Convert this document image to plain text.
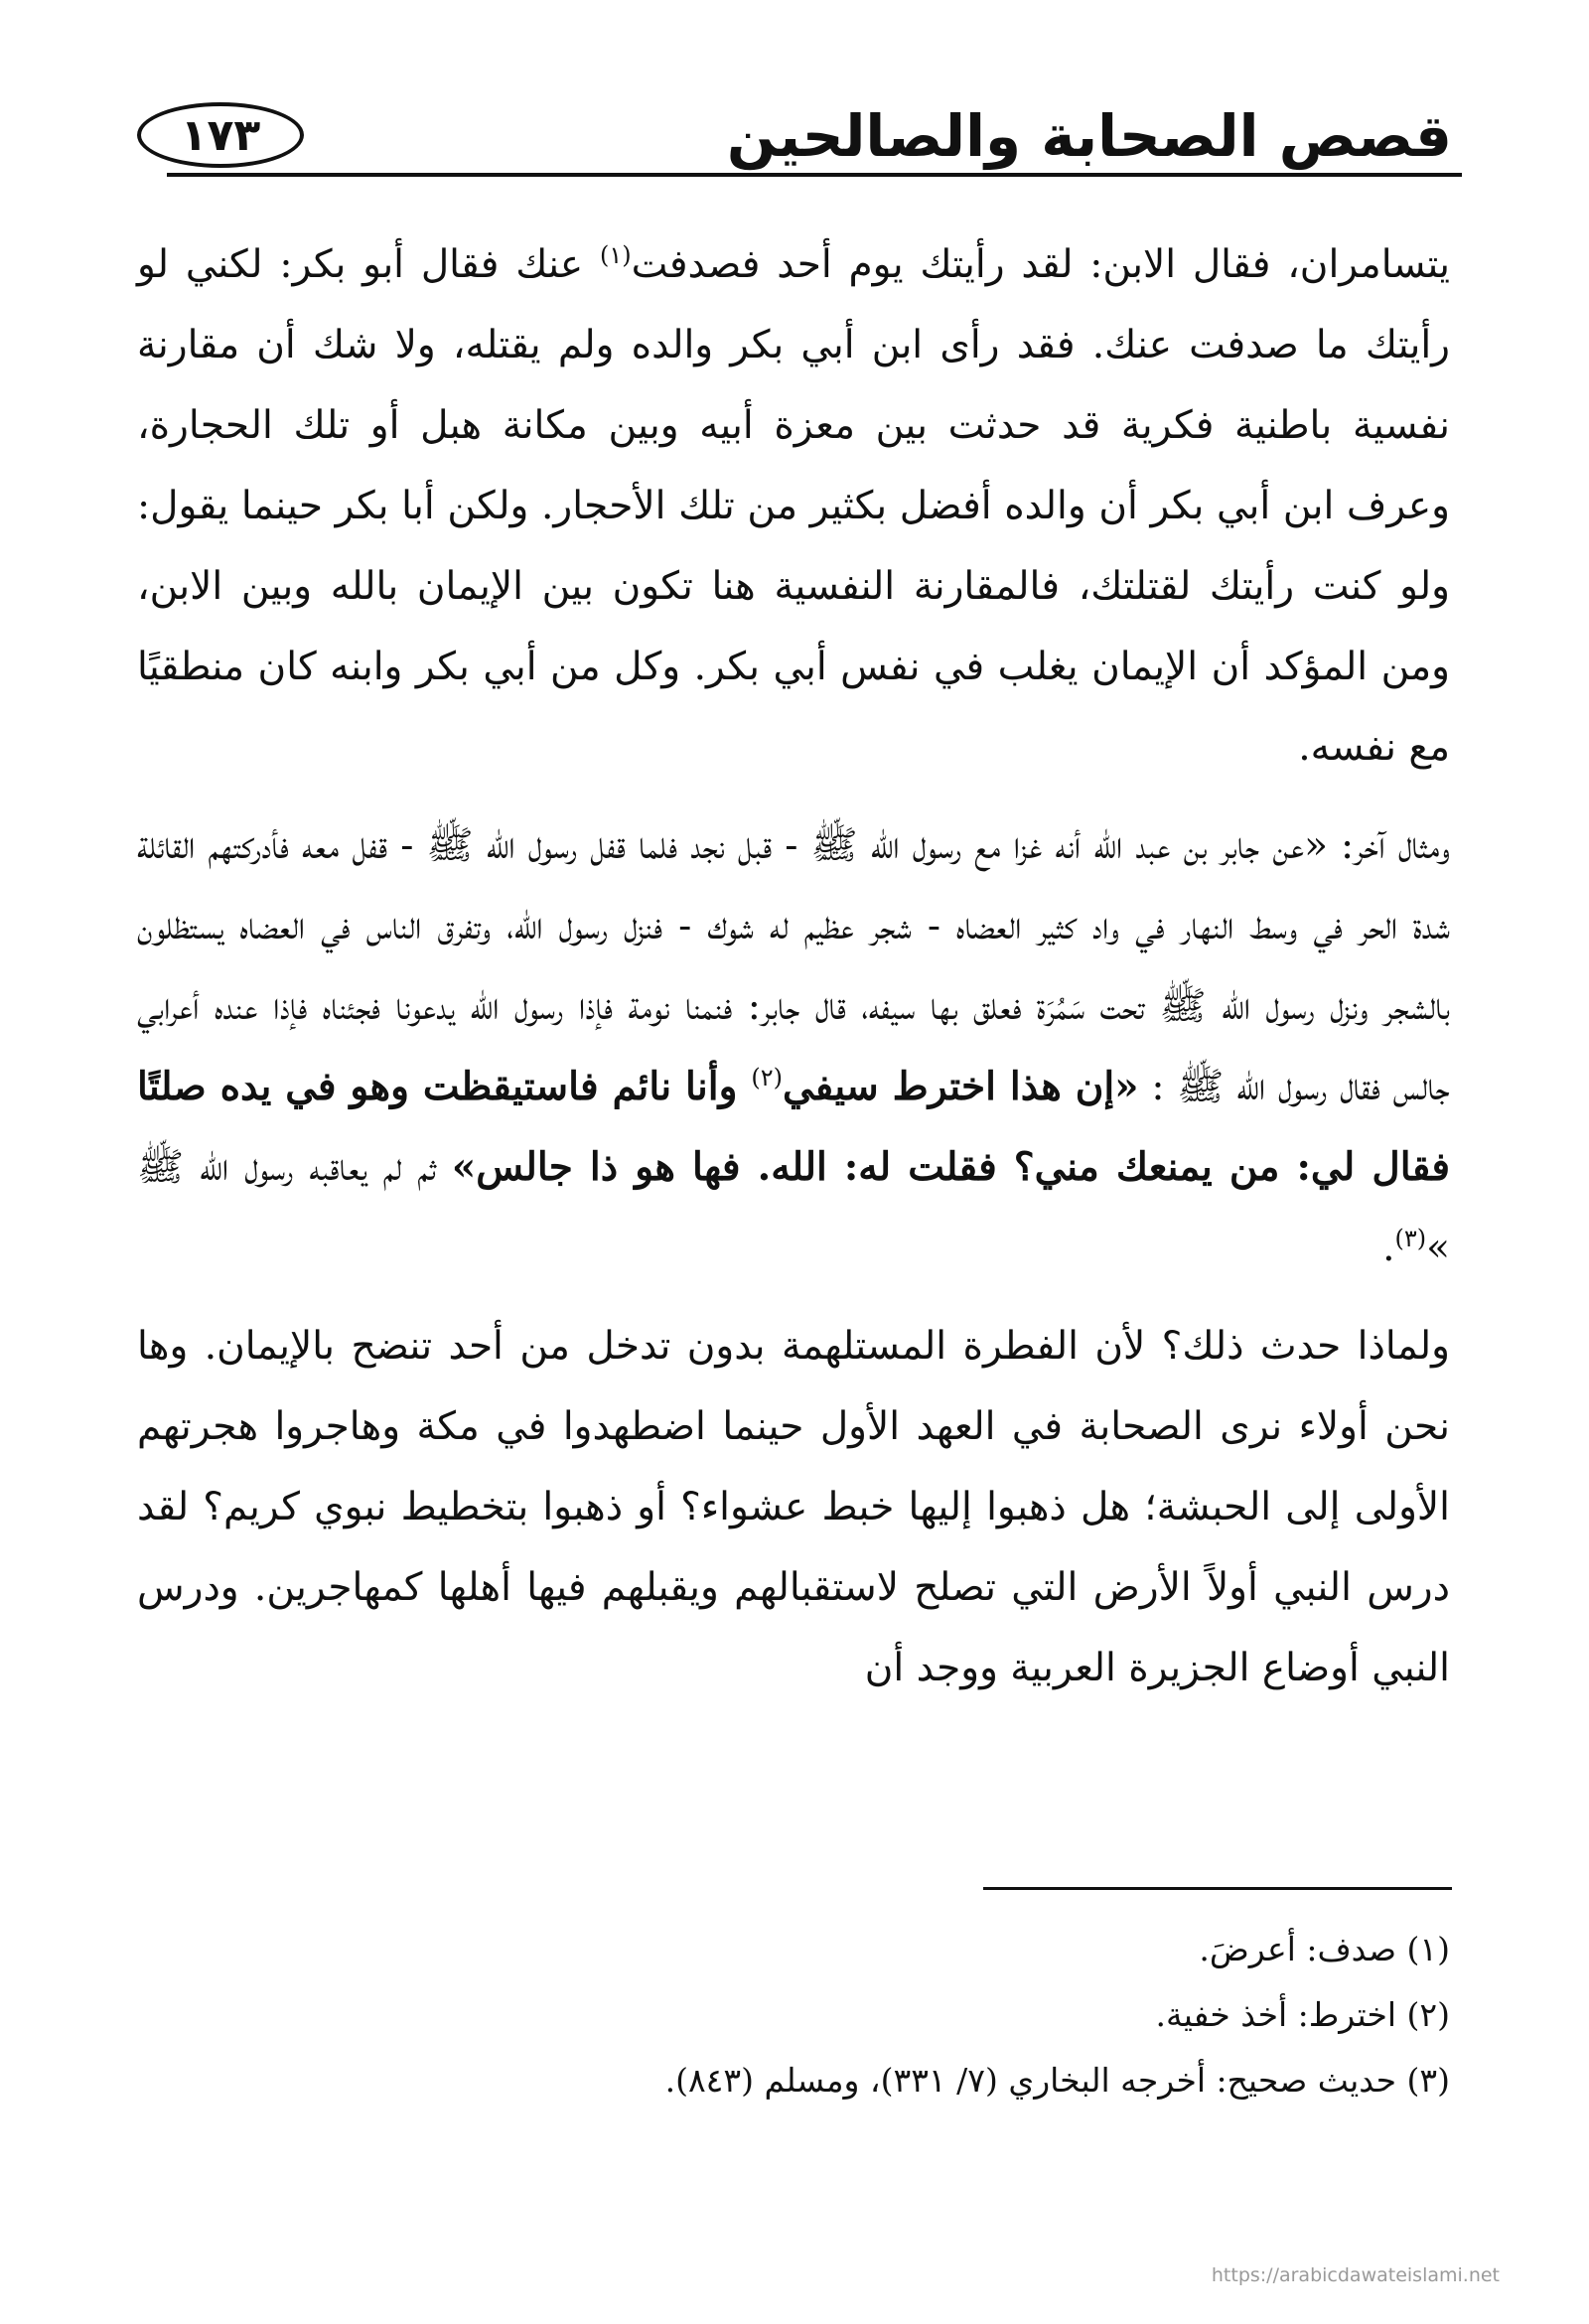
قصص الصحابة والصالحين
١٧٣

يتسامران، فقال الابن: لقد رأيتك يوم أحد فصدفت$^{(١)}$ عنك فقال أبو بكر: لكني لو رأيتك ما صدفت عنك. فقد رأى ابن أبي بكر والده ولم يقتله، ولا شك أن مقارنة نفسية باطنية فكرية قد حدثت بين معزة أبيه وبين مكانة هبل أو تلك الحجارة، وعرف ابن أبي بكر أن والده أفضل بكثير من تلك الأحجار. ولكن أبا بكر حينما يقول: ولو كنت رأيتك لقتلتك، فالمقارنة النفسية هنا تكون بين الإيمان بالله وبين الابن، ومن المؤكد أن الإيمان يغلب في نفس أبي بكر. وكل من أبي بكر وابنه كان منطقيًا مع نفسه.

ومثال آخر: «عن جابر بن عبد الله أنه غزا مع رسول الله ﷺ - قبل نجد فلما قفل رسول الله ﷺ - قفل معه فأدركتهم القائلة شدة الحر في وسط النهار في واد كثير العضاه - شجر عظيم له شوك - فنزل رسول الله، وتفرق الناس في العضاه يستظلون بالشجر ونزل رسول الله ﷺ تحت سَمُرَة فعلق بها سيفه، قال جابر: فنمنا نومة فإذا رسول الله يدعونا فجئناه فإذا عنده أعرابي جالس فقال رسول الله ﷺ : «إن هذا اخترط سيفي$^{(٢)}$ وأنا نائم فاستيقظت وهو في يده صلتًا فقال لي: من يمنعك مني؟ فقلت له: الله. فها هو ذا جالس» ثم لم يعاقبه رسول الله ﷺ »$^{(٣)}$.

ولماذا حدث ذلك؟ لأن الفطرة المستلهمة بدون تدخل من أحد تنضح بالإيمان. وها نحن أولاء نرى الصحابة في العهد الأول حينما اضطهدوا في مكة وهاجروا هجرتهم الأولى إلى الحبشة؛ هل ذهبوا إليها خبط عشواء؟ أو ذهبوا بتخطيط نبوي كريم؟ لقد درس النبي أولاً الأرض التي تصلح لاستقبالهم ويقبلهم فيها أهلها كمهاجرين. ودرس النبي أوضاع الجزيرة العربية ووجد أن

(١) صدف: أعرضَ.
(٢) اخترط: أخذ خفية.
(٣) حديث صحيح: أخرجه البخاري (٧/ ٣٣١)، ومسلم (٨٤٣).
https://arabicdawateislami.net
